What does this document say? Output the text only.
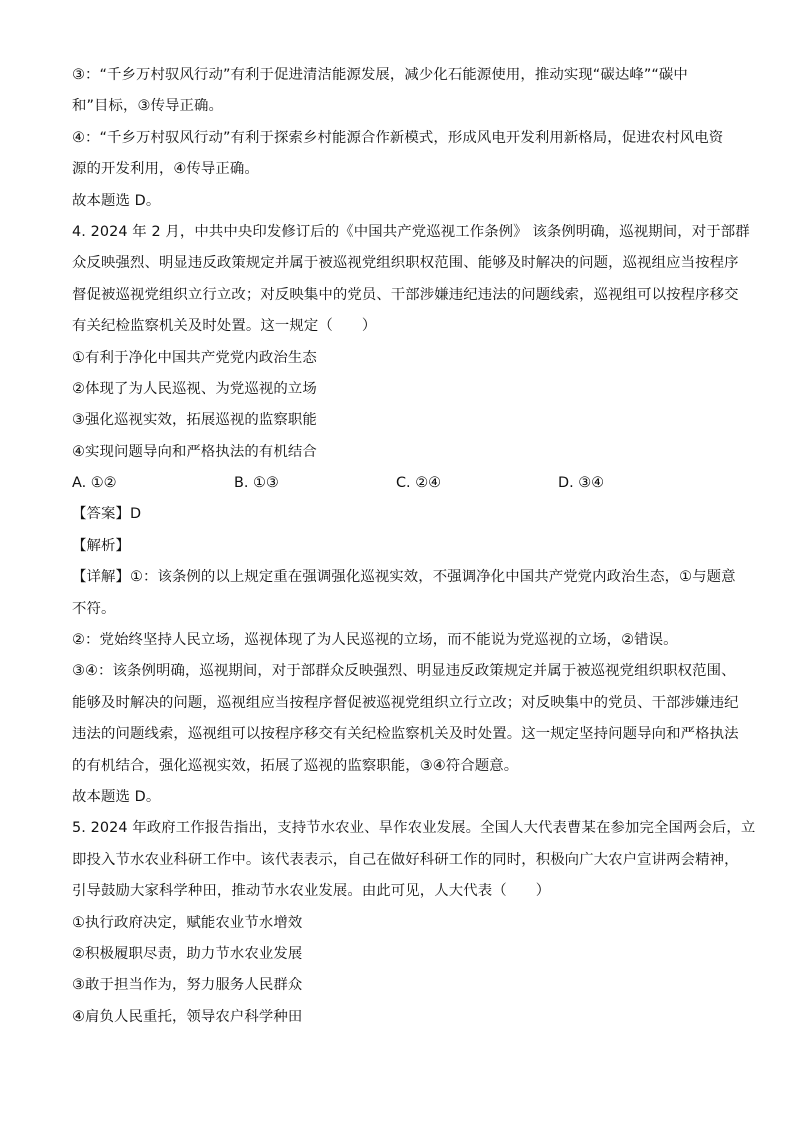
③：“千乡万村驭风行动”有利于促进清洁能源发展，减少化石能源使用，推动实现“碳达峰”“碳中
和”目标，③传导正确。
④：“千乡万村驭风行动”有利于探索乡村能源合作新模式，形成风电开发利用新格局，促进农村风电资
源的开发利用，④传导正确。
故本题选 D。
4. 2024 年 2 月，中共中央印发修订后的《中国共产党巡视工作条例》 该条例明确，巡视期间，对于部群
众反映强烈、明显违反政策规定并属于被巡视党组织职权范围、能够及时解决的问题，巡视组应当按程序
督促被巡视党组织立行立改；对反映集中的党员、干部涉嫌违纪违法的问题线索，巡视组可以按程序移交
有关纪检监察机关及时处置。这一规定（　　）
①有利于净化中国共产党党内政治生态
②体现了为人民巡视、为党巡视的立场
③强化巡视实效，拓展巡视的监察职能
④实现问题导向和严格执法的有机结合
A. ①②	B. ①③	C. ②④	D. ③④
【答案】D
【解析】
【详解】①：该条例的以上规定重在强调强化巡视实效，不强调净化中国共产党党内政治生态，①与题意
不符。
②：党始终坚持人民立场，巡视体现了为人民巡视的立场，而不能说为党巡视的立场，②错误。
③④：该条例明确，巡视期间，对于部群众反映强烈、明显违反政策规定并属于被巡视党组织职权范围、
能够及时解决的问题，巡视组应当按程序督促被巡视党组织立行立改；对反映集中的党员、干部涉嫌违纪
违法的问题线索，巡视组可以按程序移交有关纪检监察机关及时处置。这一规定坚持问题导向和严格执法
的有机结合，强化巡视实效，拓展了巡视的监察职能，③④符合题意。
故本题选 D。
5. 2024 年政府工作报告指出，支持节水农业、旱作农业发展。全国人大代表曹某在参加完全国两会后，立
即投入节水农业科研工作中。该代表表示，自己在做好科研工作的同时，积极向广大农户宣讲两会精神，
引导鼓励大家科学种田，推动节水农业发展。由此可见，人大代表（　　）
①执行政府决定，赋能农业节水增效
②积极履职尽责，助力节水农业发展
③敢于担当作为，努力服务人民群众
④肩负人民重托，领导农户科学种田
